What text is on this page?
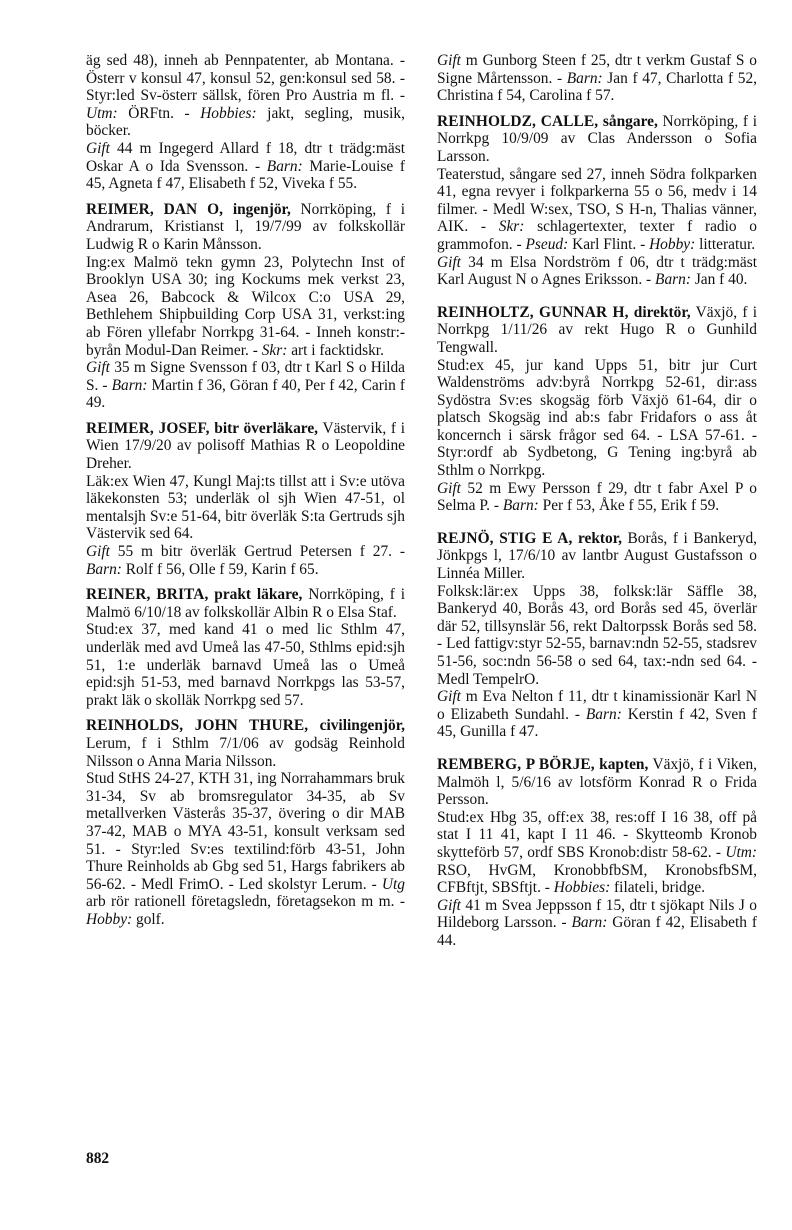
äg sed 48), inneh ab Pennpatenter, ab Montana. - Österr v konsul 47, konsul 52, gen:konsul sed 58. - Styr:led Sv-österr sällsk, fören Pro Austria m fl. - Utm: ÖRFtn. - Hobbies: jakt, segling, musik, böcker.

Gift 44 m Ingegerd Allard f 18, dtr t trädg:mäst Oskar A o Ida Svensson. - Barn: Marie-Louise f 45, Agneta f 47, Elisabeth f 52, Viveka f 55.

REIMER, DAN O, ingenjör, Norrköping, f i Andrarum, Kristianst l, 19/7/99 av folkskollär Ludwig R o Karin Månsson.

Ing:ex Malmö tekn gymn 23, Polytechn Inst of Brooklyn USA 30; ing Kockums mek verkst 23, Asea 26, Babcock & Wilcox C:o USA 29, Bethlehem Shipbuilding Corp USA 31, verkst:ing ab Fören yllefabr Norrkpg 31-64. - Inneh konstr:-byrån Modul-Dan Reimer. - Skr: art i facktidskr.

Gift 35 m Signe Svensson f 03, dtr t Karl S o Hilda S. - Barn: Martin f 36, Göran f 40, Per f 42, Carin f 49.

REIMER, JOSEF, bitr överläkare, Västervik, f i Wien 17/9/20 av polisoff Mathias R o Leopoldine Dreher.

Läk:ex Wien 47, Kungl Maj:ts tillst att i Sv:e utöva läkekonsten 53; underläk ol sjh Wien 47-51, ol mentalsjh Sv:e 51-64, bitr överläk S:ta Gertruds sjh Västervik sed 64.

Gift 55 m bitr överläk Gertrud Petersen f 27. - Barn: Rolf f 56, Olle f 59, Karin f 65.

REINER, BRITA, prakt läkare, Norrköping, f i Malmö 6/10/18 av folkskollär Albin R o Elsa Staf.

Stud:ex 37, med kand 41 o med lic Sthlm 47, underläk med avd Umeå las 47-50, Sthlms epid:sjh 51, 1:e underläk barnavd Umeå las o Umeå epid:sjh 51-53, med barnavd Norrkpgs las 53-57, prakt läk o skolläk Norrkpg sed 57.

REINHOLDS, JOHN THURE, civilingenjör, Lerum, f i Sthlm 7/1/06 av godsäg Reinhold Nilsson o Anna Maria Nilsson.

Stud StHS 24-27, KTH 31, ing Norrahammars bruk 31-34, Sv ab bromsregulator 34-35, ab Sv metallverken Västerås 35-37, övering o dir MAB 37-42, MAB o MYA 43-51, konsult verksam sed 51. - Styr:led Sv:es textilind:förb 43-51, John Thure Reinholds ab Gbg sed 51, Hargs fabrikers ab 56-62. - Medl FrimO. - Led skolstyr Lerum. - Utg arb rör rationell företagsledn, företagsekon m m. - Hobby: golf.

Gift m Gunborg Steen f 25, dtr t verkm Gustaf S o Signe Mårtensson. - Barn: Jan f 47, Charlotta f 52, Christina f 54, Carolina f 57.

REINHOLDZ, CALLE, sångare, Norrköping, f i Norrkpg 10/9/09 av Clas Andersson o Sofia Larsson.

Teaterstud, sångare sed 27, inneh Södra folkparken 41, egna revyer i folkparkerna 55 o 56, medv i 14 filmer. - Medl W:sex, TSO, S H-n, Thalias vänner, AIK. - Skr: schlagertexter, texter f radio o grammofon. - Pseud: Karl Flint. - Hobby: litteratur.

Gift 34 m Elsa Nordström f 06, dtr t trädg:mäst Karl August N o Agnes Eriksson. - Barn: Jan f 40.

REINHOLTZ, GUNNAR H, direktör, Växjö, f i Norrkpg 1/11/26 av rekt Hugo R o Gunhild Tengwall.

Stud:ex 45, jur kand Upps 51, bitr jur Curt Waldenströms adv:byrå Norrkpg 52-61, dir:ass Sydöstra Sv:es skogsäg förb Växjö 61-64, dir o platsch Skogsäg ind ab:s fabr Fridafors o ass åt koncernch i särsk frågor sed 64. - LSA 57-61. - Styr:ordf ab Sydbetong, G Tening ing:byrå ab Sthlm o Norrkpg.

Gift 52 m Ewy Persson f 29, dtr t fabr Axel P o Selma P. - Barn: Per f 53, Åke f 55, Erik f 59.

REJNÖ, STIG E A, rektor, Borås, f i Bankeryd, Jönkpgs l, 17/6/10 av lantbr August Gustafsson o Linnéa Miller.

Folksk:lär:ex Upps 38, folksk:lär Säffle 38, Bankeryd 40, Borås 43, ord Borås sed 45, överlär där 52, tillsynslär 56, rekt Daltorpssk Borås sed 58. - Led fattigv:styr 52-55, barnav:ndn 52-55, stadsrev 51-56, soc:ndn 56-58 o sed 64, tax:-ndn sed 64. - Medl TempelrO.

Gift m Eva Nelton f 11, dtr t kinamissionär Karl N o Elizabeth Sundahl. - Barn: Kerstin f 42, Sven f 45, Gunilla f 47.

REMBERG, P BÖRJE, kapten, Växjö, f i Viken, Malmöh l, 5/6/16 av lotsförm Konrad R o Frida Persson.

Stud:ex Hbg 35, off:ex 38, res:off I 16 38, off på stat I 11 41, kapt I 11 46. - Skytteomb Kronob skytteförb 57, ordf SBS Kronob:distr 58-62. - Utm: RSO, HvGM, KronobbfbSM, KronobsfbSM, CFBftjt, SBSftjt. - Hobbies: filateli, bridge.

Gift 41 m Svea Jeppsson f 15, dtr t sjökapt Nils J o Hildeborg Larsson. - Barn: Göran f 42, Elisabeth f 44.

882
